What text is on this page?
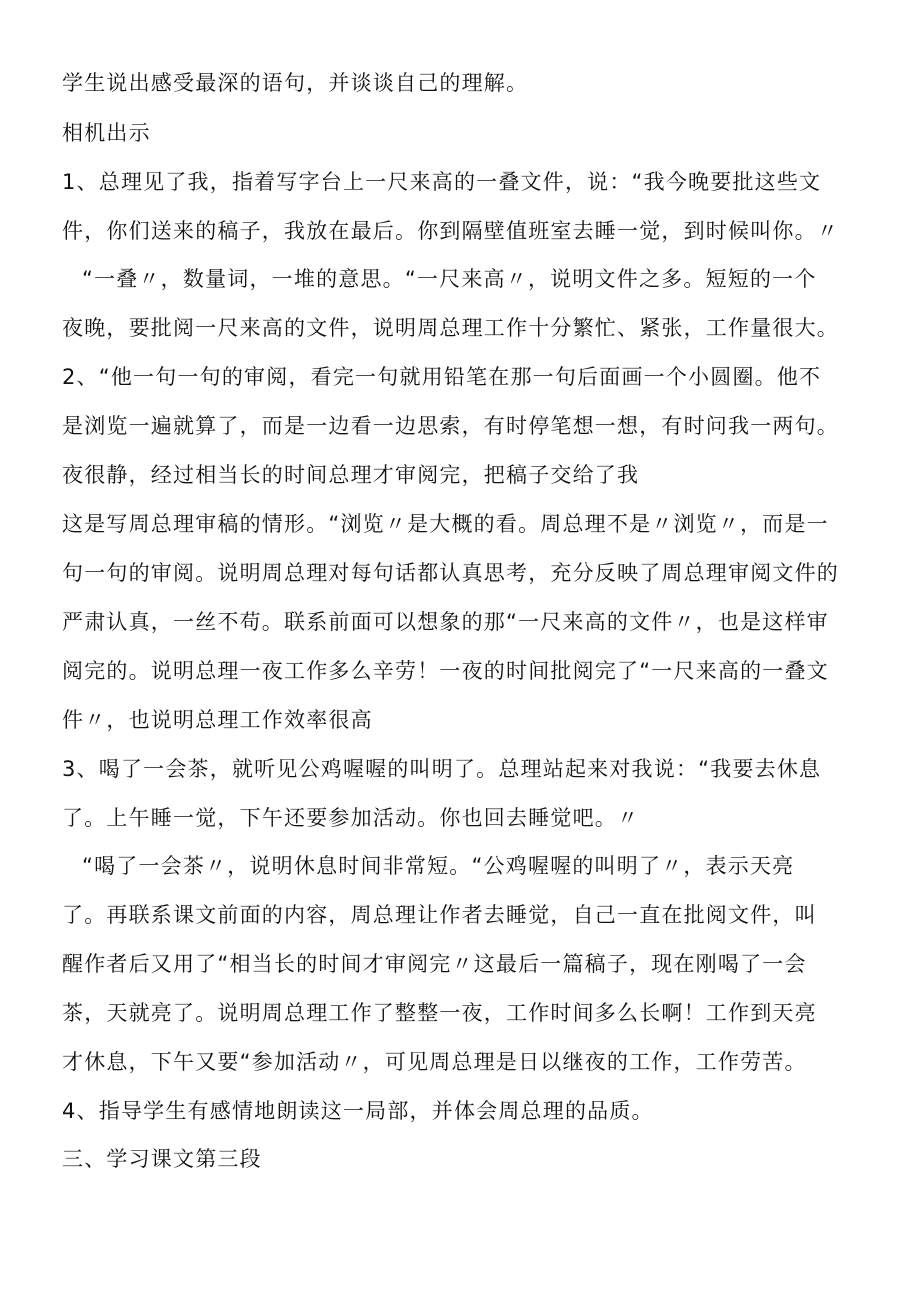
学生说出感受最深的语句，并谈谈自己的理解。
相机出示
1、总理见了我，指着写字台上一尺来高的一叠文件，说：“我今晚要批这些文
件，你们送来的稿子，我放在最后。你到隔壁值班室去睡一觉，到时候叫你。〃
“一叠〃，数量词，一堆的意思。“一尺来高〃，说明文件之多。短短的一个
夜晚，要批阅一尺来高的文件，说明周总理工作十分繁忙、紧张，工作量很大。
2、“他一句一句的审阅，看完一句就用铅笔在那一句后面画一个小圆圈。他不
是浏览一遍就算了，而是一边看一边思索，有时停笔想一想，有时问我一两句。
夜很静，经过相当长的时间总理才审阅完，把稿子交给了我
这是写周总理审稿的情形。“浏览〃是大概的看。周总理不是〃浏览〃，而是一
句一句的审阅。说明周总理对每句话都认真思考，充分反映了周总理审阅文件的
严肃认真，一丝不苟。联系前面可以想象的那“一尺来高的文件〃，也是这样审
阅完的。说明总理一夜工作多么辛劳！一夜的时间批阅完了“一尺来高的一叠文
件〃，也说明总理工作效率很高
3、喝了一会茶，就听见公鸡喔喔的叫明了。总理站起来对我说：“我要去休息
了。上午睡一觉，下午还要参加活动。你也回去睡觉吧。〃
“喝了一会茶〃，说明休息时间非常短。“公鸡喔喔的叫明了〃，表示天亮
了。再联系课文前面的内容，周总理让作者去睡觉，自己一直在批阅文件，叫
醒作者后又用了“相当长的时间才审阅完〃这最后一篇稿子，现在刚喝了一会
茶，天就亮了。说明周总理工作了整整一夜，工作时间多么长啊！工作到天亮
才休息，下午又要“参加活动〃，可见周总理是日以继夜的工作，工作劳苦。
4、指导学生有感情地朗读这一局部，并体会周总理的品质。
三、学习课文第三段
